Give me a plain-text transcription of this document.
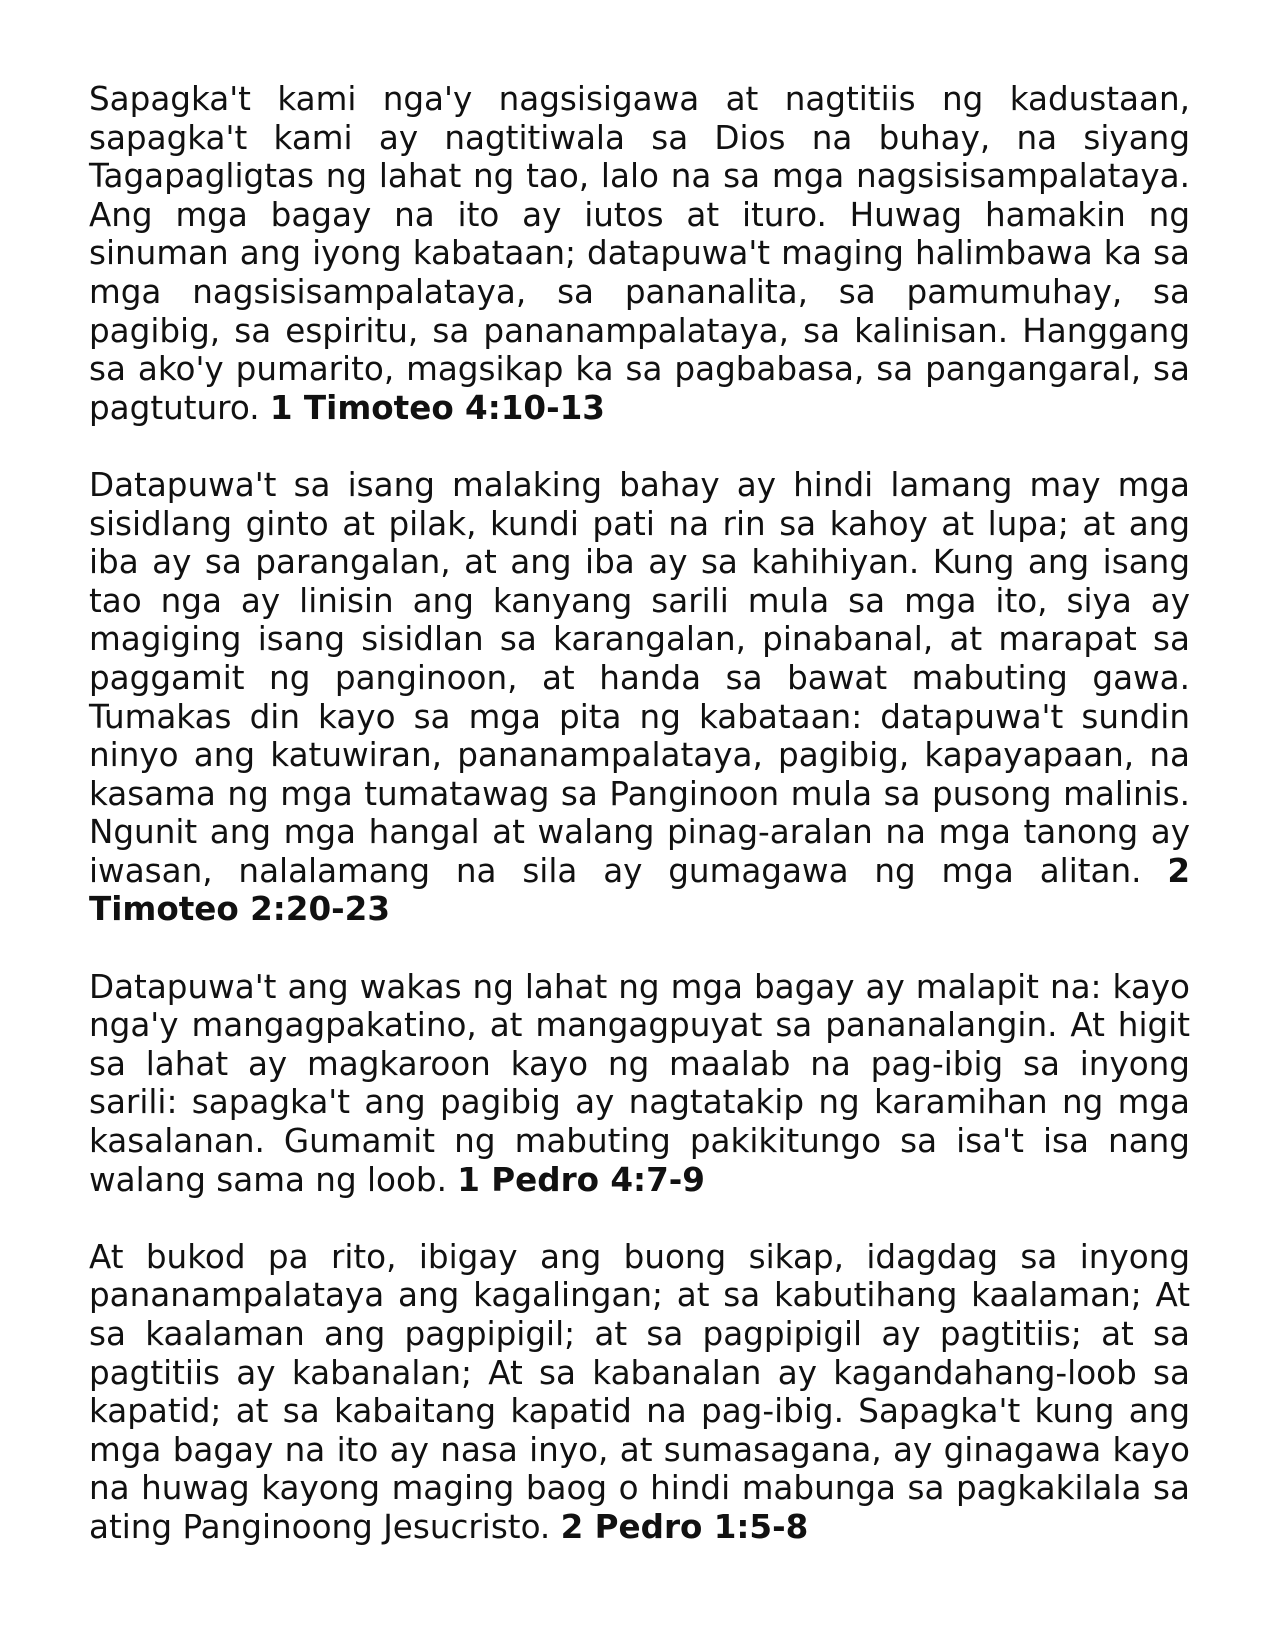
Sapagka't kami nga'y nagsisigawa at nagtitiis ng kadustaan, sapagka't kami ay nagtitiwala sa Dios na buhay, na siyang Tagapagligtas ng lahat ng tao, lalo na sa mga nagsisisampalataya. Ang mga bagay na ito ay iutos at ituro. Huwag hamakin ng sinuman ang iyong kabataan; datapuwa't maging halimbawa ka sa mga nagsisisampalataya, sa pananalita, sa pamumuhay, sa pagibig, sa espiritu, sa pananampalataya, sa kalinisan. Hanggang sa ako'y pumarito, magsikap ka sa pagbabasa, sa pangangaral, sa pagtuturo. 1 Timoteo 4:10-13

Datapuwa't sa isang malaking bahay ay hindi lamang may mga sisidlang ginto at pilak, kundi pati na rin sa kahoy at lupa; at ang iba ay sa parangalan, at ang iba ay sa kahihiyan. Kung ang isang tao nga ay linisin ang kanyang sarili mula sa mga ito, siya ay magiging isang sisidlan sa karangalan, pinabanal, at marapat sa paggamit ng panginoon, at handa sa bawat mabuting gawa. Tumakas din kayo sa mga pita ng kabataan: datapuwa't sundin ninyo ang katuwiran, pananampalataya, pagibig, kapayapaan, na kasama ng mga tumatawag sa Panginoon mula sa pusong malinis. Ngunit ang mga hangal at walang pinag-aralan na mga tanong ay iwasan, nalalamang na sila ay gumagawa ng mga alitan. 2 Timoteo 2:20-23

Datapuwa't ang wakas ng lahat ng mga bagay ay malapit na: kayo nga'y mangagpakatino, at mangagpuyat sa pananalangin. At higit sa lahat ay magkaroon kayo ng maalab na pag-ibig sa inyong sarili: sapagka't ang pagibig ay nagtatakip ng karamihan ng mga kasalanan. Gumamit ng mabuting pakikitungo sa isa't isa nang walang sama ng loob. 1 Pedro 4:7-9

At bukod pa rito, ibigay ang buong sikap, idagdag sa inyong pananampalataya ang kagalingan; at sa kabutihang kaalaman; At sa kaalaman ang pagpipigil; at sa pagpipigil ay pagtitiis; at sa pagtitiis ay kabanalan; At sa kabanalan ay kagandahang-loob sa kapatid; at sa kabaitang kapatid na pag-ibig. Sapagka't kung ang mga bagay na ito ay nasa inyo, at sumasagana, ay ginagawa kayo na huwag kayong maging baog o hindi mabunga sa pagkakilala sa ating Panginoong Jesucristo. 2 Pedro 1:5-8
